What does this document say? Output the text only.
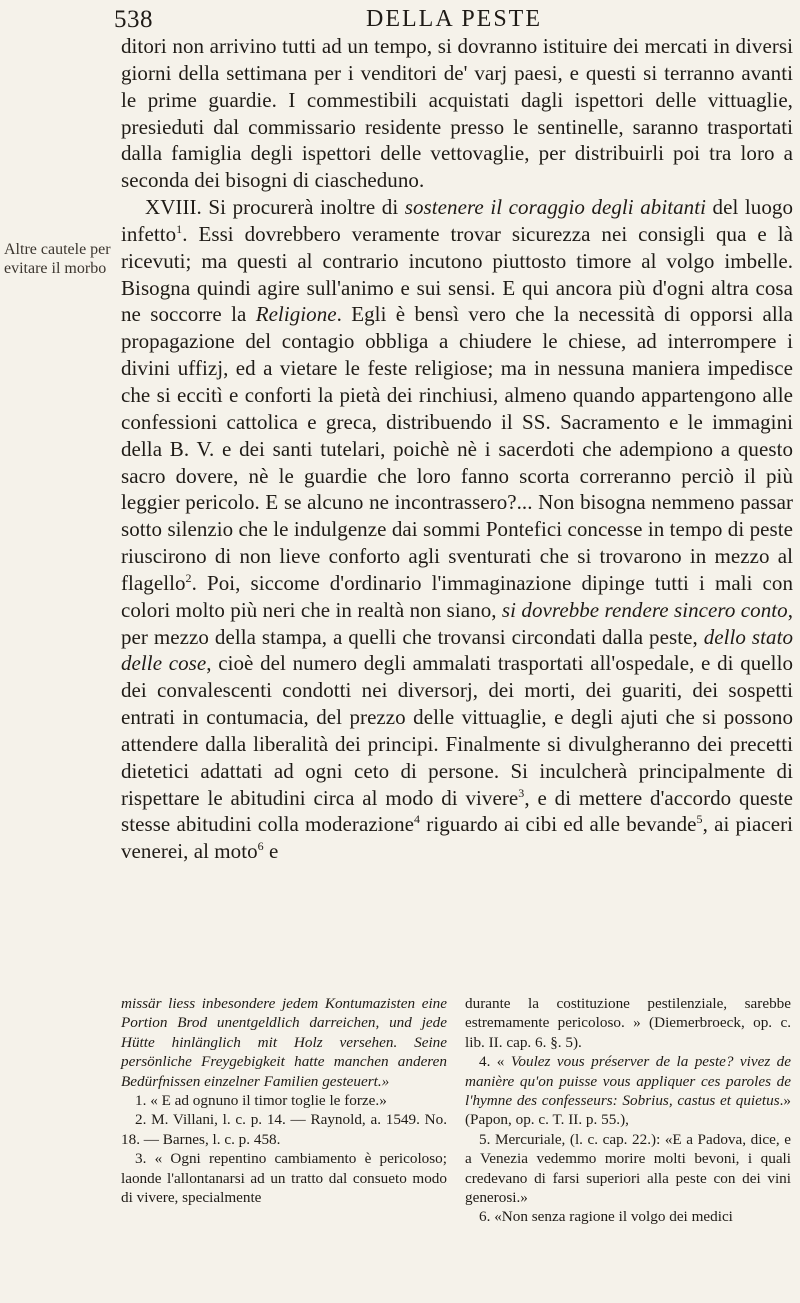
538	DELLA PESTE
Altre cautele per evitare il morbo

ditori non arrivino tutti ad un tempo, si dovranno istituire dei mercati in diversi giorni della settimana per i venditori de' varj paesi, e questi si terranno avanti le prime guardie. I commestibili acquistati dagli ispettori delle vittuaglie, presieduti dal commissario residente presso le sentinelle, saranno trasportati dalla famiglia degli ispettori delle vettovaglie, per distribuirli poi tra loro a seconda dei bisogni di ciascheduno.

XVIII. Si procurerà inoltre di sostenere il coraggio degli abitanti del luogo infetto$^1$. Essi dovrebbero veramente trovar sicurezza nei consigli qua e là ricevuti; ma questi al contrario incutono piuttosto timore al volgo imbelle. Bisogna quindi agire sull'animo e sui sensi. E qui ancora più d'ogni altra cosa ne soccorre la Religione. Egli è bensì vero che la necessità di opporsi alla propagazione del contagio obbliga a chiudere le chiese, ad interrompere i divini uffizj, ed a vietare le feste religiose; ma in nessuna maniera impedisce che si eccitì e conforti la pietà dei rinchiusi, almeno quando appartengono alle confessioni cattolica e greca, distribuendo il SS. Sacramento e le immagini della B. V. e dei santi tutelari, poichè nè i sacerdoti che adempiono a questo sacro dovere, nè le guardie che loro fanno scorta correranno perciò il più leggier pericolo. E se alcuno ne incontrassero?... Non bisogna nemmeno passar sotto silenzio che le indulgenze dai sommi Pontefici concesse in tempo di peste riuscirono di non lieve conforto agli sventurati che si trovarono in mezzo al flagello$^2$. Poi, siccome d'ordinario l'immaginazione dipinge tutti i mali con colori molto più neri che in realtà non siano, si dovrebbe rendere sincero conto, per mezzo della stampa, a quelli che trovansi circondati dalla peste, dello stato delle cose, cioè del numero degli ammalati trasportati all'ospedale, e di quello dei convalescenti condotti nei diversorj, dei morti, dei guariti, dei sospetti entrati in contumacia, del prezzo delle vittuaglie, e degli ajuti che si possono attendere dalla liberalità dei principi. Finalmente si divulgheranno dei precetti dietetici adattati ad ogni ceto di persone. Si inculcherà principalmente di rispettare le abitudini circa al modo di vivere$^3$, e di mettere d'accordo queste stesse abitudini colla moderazione$^4$ riguardo ai cibi ed alle bevande$^5$, ai piaceri venerei, al moto$^6$ e

missär liess inbesondere jedem Kontumazisten eine Portion Brod unentgeldlich darreichen, und jede Hütte hinlänglich mit Holz versehen. Seine persönliche Freygebigkeit hatte manchen anderen Bedürfnissen einzelner Familien gesteuert.»

1. « E ad ognuno il timor toglie le forze.»

2. M. Villani, l. c. p. 14. — Raynold, a. 1549. No. 18. — Barnes, l. c. p. 458.

3. « Ogni repentino cambiamento è pericoloso; laonde l'allontanarsi ad un tratto dal consueto modo di vivere, specialmente

durante la costituzione pestilenziale, sarebbe estremamente pericoloso. » (Diemerbroeck, op. c. lib. II. cap. 6. §. 5).

4. « Voulez vous préserver de la peste? vivez de manière qu'on puisse vous appliquer ces paroles de l'hymne des confesseurs: Sobrius, castus et quietus.» (Papon, op. c. T. II. p. 55.),

5. Mercuriale, (l. c. cap. 22.): «E a Padova, dice, e a Venezia vedemmo morire molti bevoni, i quali credevano di farsi superiori alla peste con dei vini generosi.»

6. «Non senza ragione il volgo dei medici
